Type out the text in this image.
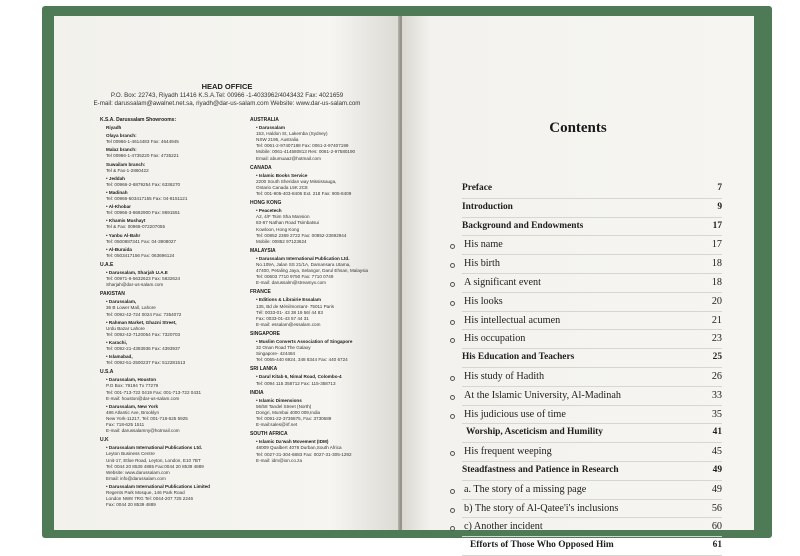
HEAD OFFICE
P.O. Box: 22743, Riyadh 11416 K.S.A.Tel: 00966 -1-4033962/4043432 Fax: 4021659
E-mail: darussalam@awalnet.net.sa, riyadh@dar-us-salam.com Website: www.dar-us-salam.com
K.S.A. Darussalam Showrooms:
Riyadh
Olaya branch:
Tel 00966-1-4614483 Fax: 4644945
Malaz branch:
Tel 00966-1-4735220 Fax: 4735221
Suwailam branch:
Tel & Fax-1-2860422
• Jeddah
Tel: 00966-2-6879254 Fax: 6336270
• Madinah
Tel: 00966-503417155 Fax: 04-8151121
• Al-Khobar
Tel: 00966-3-8692900 Fax: 8691551
• Khamis Mushayt
Tel & Fax: 00966-072207055
• Yanbu Al-Bahr
Tel: 0500887341 Fax: 04-3908027
• Al-Buraida
Tel: 0503417156 Fax: 063696124
U.A.E
• Darussalam, Sharjah U.A.E
Tel: 00971-6-5632623 Fax: 5632624
Sharjah@dar-us-salam.com
PAKISTAN
• Darussalam,
36 B Lower Mall, Lahore
Tel: 0092-42-724 0024 Fax: 7354072
• Rahman Market, Ghazni Street,
Urdu Bazar Lahore
Tel: 0092-42-7120054 Fax: 7320703
• Karachi,
Tel: 0092-21-4393936 Fax: 4393937
• Islamabad,
Tel: 0092-51-2500237 Fax: 512281513
U.S.A
• Darussalam, Houston
P.O Box: 79194 Tx 77279
Tel: 001-713-722 0419 Fax: 001-713-722 0431
E-mail: houston@dar-us-salam.com
• Darussalam, New York
486 Atlantic Ave, Brooklyn
New York-11217, Tel: 001-718-625 5925
Fax: 718-625 1511
E-mail: darussalamny@hotmail.com
U.K
• Darussalam International Publications Ltd.
Leyton Business Centre
Unit-17, Etloe Road, Leyton, London, E10 7BT
Tel: 0044 20 8539 4885 Fax:0044 20 8539 4889
Website: www.darussalam.com
Email: info@darussalam.com
• Darussalam International Publications Limited
Regents Park Mosque, 146 Park Road
London NW8 7RG Tel: 0044-207 725 2246
Fax: 0044 20 8539 4889
AUSTRALIA
• Darussalam
153, Haldon St, Lakemba (Sydney)
NSW 2195, Australia
Tel: 0061-2-97407188 Fax: 0061-2-97407199
Mobile: 0061-414580813 Res: 0061-2-97580190
Email: abumuaaz@hotmail.com
CANADA
• Islamic Books Service
2200 South Sheridan way Mississauga,
Ontario Canada L5K 2C8
Tel: 001-905-403-8406 Ext. 218 Fax: 905-8409
HONG KONG
• Peacetech
A2, 4/F Tsim Sha Mansion
83-87 Nathan Road Tsimbatsui
Kowloon, Hong Kong
Tel: 00852 2369 2722 Fax: 00852-23692944
Mobile: 00852 97123624
MALAYSIA
• Darussalam International Publication Ltd.
No.109A, Jalan SS 21/1A, Damansara Utama,
47400, Petaling Jaya, Selangor, Darul Ehsan, Malaysia
Tel: 00603 7710 9750 Fax: 7710 0749
E-mail: darussalm@streamyx.com
FRANCE
• Editions & Librairie Essalam
135, Bd de Ménilmontant- 75011 Paris
Tél: 0033-01- 43 38 19 56/ 44 83
Fax: 0033-01-43 57 44 31
E-mail: essalam@essalam.com
SINGAPORE
• Muslim Converts Association of Singapore
32 Onan Road The Galaxy
Singapore- 424484
Tel: 0065-440 6924, 348 8344 Fax: 440 6724
SRI LANKA
• Darul Kitab 6, Nimal Road, Colombo-4
Tel: 0094 115 358712 Fax: 115-358713
INDIA
• Islamic Dimensions
56/58 Tandel Street (North)
Dongri, Mumbai 4000 009,India
Tel: 0091-22-3736875, Fax: 3730689
E-mail:sales@irf.net
SOUTH AFRICA
• Islamic Da'wah Movement (IDM)
48009 Qualbert 4078 Durban,South Africa
Tel: 0027-31-304-6883 Fax: 0027-31-305-1292
E-mail: idm@ion.co.za
Contents
Preface	7
Introduction	9
Background and Endowments	17
His name	17
His birth	18
A significant event	18
His looks	20
His intellectual acumen	21
His occupation	23
His Education and Teachers	25
His study of Hadith	26
At the Islamic University, Al-Madinah	33
His judicious use of time	35
Worship, Asceticism and Humility	41
His frequent weeping	45
Steadfastness and Patience in Research	49
a. The story of a missing page	49
b) The story of Al-Qatee'i's inclusions	56
c) Another incident	60
Efforts of Those Who Opposed Him	61
